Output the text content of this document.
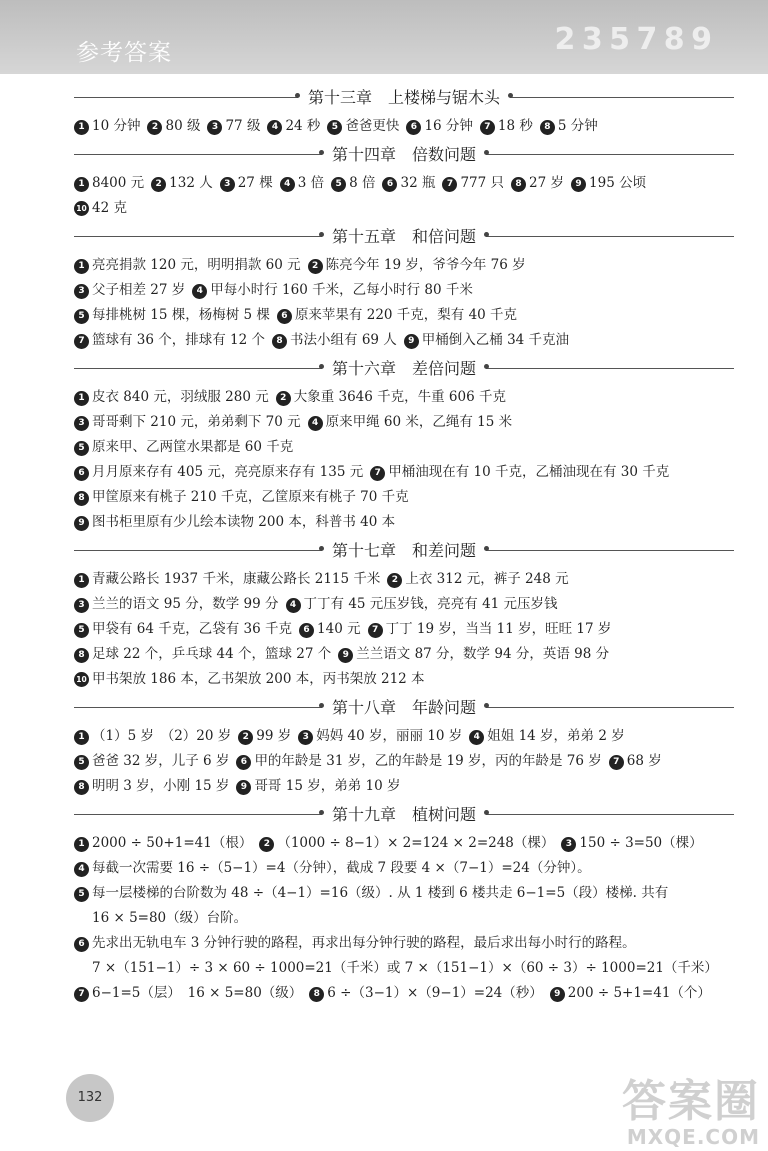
参考答案	2 3 5 7 8 9
第十三章　上楼梯与锯木头
1 10 分钟 2 80 级 3 77 级 4 24 秒 5 爸爸更快 6 16 分钟 7 18 秒 8 5 分钟
第十四章　倍数问题
1 8400 元 2 132 人 3 27 棵 4 3 倍 5 8 倍 6 32 瓶 7 777 只 8 27 岁 9 195 公顷
10 42 克
第十五章　和倍问题
1 亮亮捐款 120 元，明明捐款 60 元 2 陈亮今年 19 岁，爷爷今年 76 岁
3 父子相差 27 岁 4 甲每小时行 160 千米，乙每小时行 80 千米
5 每排桃树 15 棵，杨梅树 5 棵 6 原来苹果有 220 千克，梨有 40 千克
7 篮球有 36 个，排球有 12 个 8 书法小组有 69 人 9 甲桶倒入乙桶 34 千克油
第十六章　差倍问题
1 皮衣 840 元，羽绒服 280 元 2 大象重 3646 千克，牛重 606 千克
3 哥哥剩下 210 元，弟弟剩下 70 元 4 原来甲绳 60 米，乙绳有 15 米
5 原来甲、乙两筐水果都是 60 千克
6 月月原来存有 405 元，亮亮原来存有 135 元 7 甲桶油现在有 10 千克，乙桶油现在有 30 千克
8 甲筐原来有桃子 210 千克，乙筐原来有桃子 70 千克
9 图书柜里原有少儿绘本读物 200 本，科普书 40 本
第十七章　和差问题
1 青藏公路长 1937 千米，康藏公路长 2115 千米 2 上衣 312 元，裤子 248 元
3 兰兰的语文 95 分，数学 99 分 4 丁丁有 45 元压岁钱，亮亮有 41 元压岁钱
5 甲袋有 64 千克，乙袋有 36 千克 6 140 元 7 丁丁 19 岁，当当 11 岁，旺旺 17 岁
8 足球 22 个，乒乓球 44 个，篮球 27 个 9 兰兰语文 87 分，数学 94 分，英语 98 分
10 甲书架放 186 本，乙书架放 200 本，丙书架放 212 本
第十八章　年龄问题
1 （1）5 岁　（2）20 岁 2 99 岁 3 妈妈 40 岁，丽丽 10 岁 4 姐姐 14 岁，弟弟 2 岁
5 爸爸 32 岁，儿子 6 岁 6 甲的年龄是 31 岁，乙的年龄是 19 岁，丙的年龄是 76 岁 7 68 岁
8 明明 3 岁，小刚 15 岁 9 哥哥 15 岁，弟弟 10 岁
第十九章　植树问题
1 2000 ÷ 50+1=41（根） 2 （1000 ÷ 8−1）× 2=124 × 2=248（棵） 3 150 ÷ 3=50（棵）
4 每截一次需要 16 ÷（5−1）=4（分钟），截成 7 段要 4 ×（7−1）=24（分钟）。
5 每一层楼梯的台阶数为 48 ÷（4−1）=16（级）. 从 1 楼到 6 楼共走 6−1=5（段）楼梯. 共有
16 × 5=80（级）台阶。
6 先求出无轨电车 3 分钟行驶的路程，再求出每分钟行驶的路程，最后求出每小时行的路程。
7 ×（151−1）÷ 3 × 60 ÷ 1000=21（千米）或 7 ×（151−1）×（60 ÷ 3）÷ 1000=21（千米）
7 6−1=5（层）　16 × 5=80（级） 8 6 ÷（3−1）×（9−1）=24（秒） 9 200 ÷ 5+1=41（个）
132	答案圈
MXQE.COM
